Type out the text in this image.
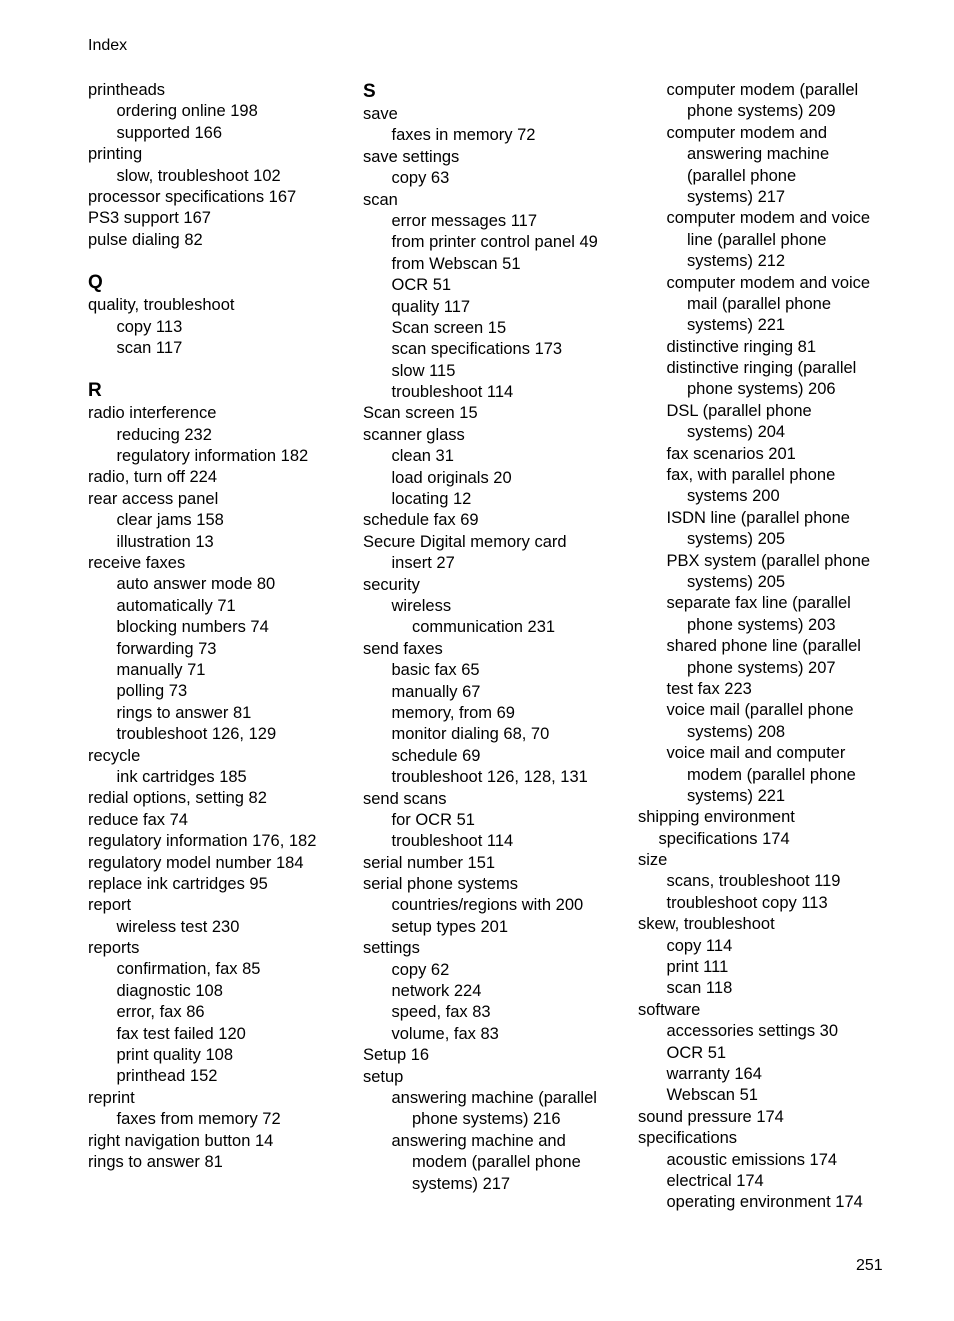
Index
printheads
ordering online 198
supported 166
printing
slow, troubleshoot 102
processor specifications 167
PS3 support 167
pulse dialing 82
Q
quality, troubleshoot
copy 113
scan 117
R
radio interference
reducing 232
regulatory information 182
radio, turn off 224
rear access panel
clear jams 158
illustration 13
receive faxes
auto answer mode 80
automatically 71
blocking numbers 74
forwarding 73
manually 71
polling 73
rings to answer 81
troubleshoot 126, 129
recycle
ink cartridges 185
redial options, setting 82
reduce fax 74
regulatory information 176, 182
regulatory model number 184
replace ink cartridges 95
report
wireless test 230
reports
confirmation, fax 85
diagnostic 108
error, fax 86
fax test failed 120
print quality 108
printhead 152
reprint
faxes from memory 72
right navigation button 14
rings to answer 81
S
save
faxes in memory 72
save settings
copy 63
scan
error messages 117
from printer control panel 49
from Webscan 51
OCR 51
quality 117
Scan screen 15
scan specifications 173
slow 115
troubleshoot 114
Scan screen 15
scanner glass
clean 31
load originals 20
locating 12
schedule fax 69
Secure Digital memory card
insert 27
security
wireless
communication 231
send faxes
basic fax 65
manually 67
memory, from 69
monitor dialing 68, 70
schedule 69
troubleshoot 126, 128, 131
send scans
for OCR 51
troubleshoot 114
serial number 151
serial phone systems
countries/regions with 200
setup types 201
settings
copy 62
network 224
speed, fax 83
volume, fax 83
Setup 16
setup
answering machine (parallel
phone systems) 216
answering machine and
modem (parallel phone
systems) 217
computer modem (parallel
phone systems) 209
computer modem and
answering machine
(parallel phone
systems) 217
computer modem and voice
line (parallel phone
systems) 212
computer modem and voice
mail (parallel phone
systems) 221
distinctive ringing 81
distinctive ringing (parallel
phone systems) 206
DSL (parallel phone
systems) 204
fax scenarios 201
fax, with parallel phone
systems 200
ISDN line (parallel phone
systems) 205
PBX system (parallel phone
systems) 205
separate fax line (parallel
phone systems) 203
shared phone line (parallel
phone systems) 207
test fax 223
voice mail (parallel phone
systems) 208
voice mail and computer
modem (parallel phone
systems) 221
shipping environment
specifications 174
size
scans, troubleshoot 119
troubleshoot copy 113
skew, troubleshoot
copy 114
print 111
scan 118
software
accessories settings 30
OCR 51
warranty 164
Webscan 51
sound pressure 174
specifications
acoustic emissions 174
electrical 174
operating environment 174
251
